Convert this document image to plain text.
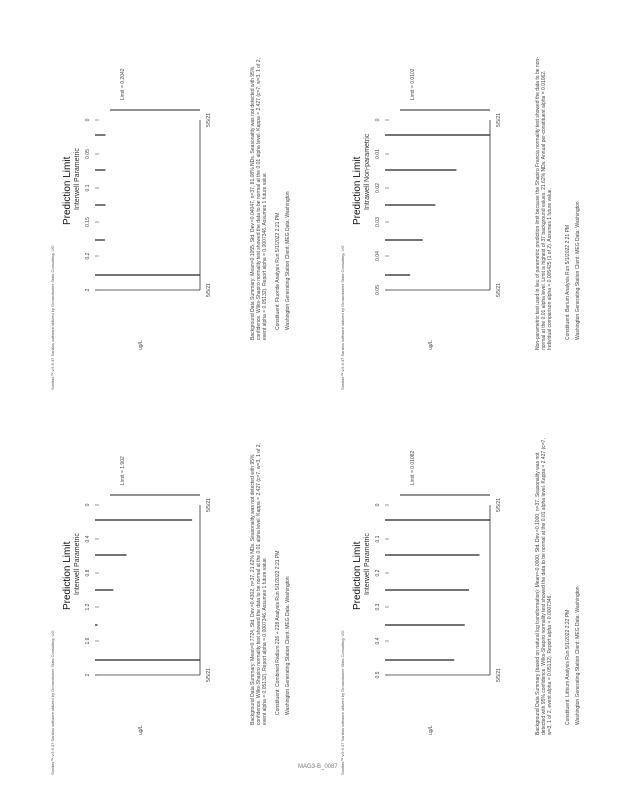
2
0.2
0.15
0.1
0.05
0
5/5/21
5/5/21
Interwell Parametric
Prediction Limit
Sanitas™ v.9.6.37 Sanitas software utilized by Groundwater Stats Consulting. UG
Limit = 0.2042
ug/L
Background Data Summary: Mean=0.1055, Std. Dev.=0.04047, n=37, 81.08% NDs. Seasonality was not detected with 95% confidence. Wilks-Shapiro normality test showed the data to be normal at the 0.01 alpha level. Kappa = 2.427 (c=7, w=3, 1 of 2, event alpha = 0.05132). Report alpha = 0.0007346. Assumes 1 future value. Constituent: Fluoride Analysis Run 5/1/2022 2:21 PM Washington Generating Station Client: MEG Data: Washington
2
1.6
1.2
0.8
0.4
0
5/5/21
5/5/21
Interwell Parametric
Prediction Limit
Sanitas™ v.9.6.37 Sanitas software utilized by Groundwater Stats Consulting. UG
Limit = 1.902
ug/L
Background Data Summary: Mean=0.7724, Std. Dev.=0.4302, n=37, 21.62% NDs. Seasonality was not detected with 95% confidence. Wilks-Shapiro normality test showed the data to be normal at the 0.01 alpha level. Kappa = 2.427 (c=7, w=3, 1 of 2, event alpha = 0.05132). Report alpha = 0.0007346. Assumes 1 future value. Constituent: Combined Radium 226 + 228 Analysis Run 5/1/2022 2:21 PM Washington Generating Station Client: MEG Data: Washington
0.05
0.04
0.03
0.02
0.01
0
5/5/21
5/5/21
Intrawell Non-parametric
Prediction Limit
Sanitas™ v.9.6.37 Sanitas software utilized by Groundwater Stats Consulting. UG
Limit = 0.0102
ug/L	Non-parametric test used in lieu of parametric prediction limit because the Shapiro Francia normality test showed the data to be non-normal at the 0.01 alpha level. Limit is highest of 37 background values. 21.62% NDs. Annual per-constituent alpha = 0.01062. Individual comparison alpha = 0.005425 (1 of 2). Assumes 1 future value. Constituent: Barium Analysis Run 5/1/2022 2:21 PM Washington Generating Station Client: MEG Data: Washington
0.5
0.4
0.3
0.2
0.1
0
5/5/21
5/5/21
Interwell Parametric
Prediction Limit
Sanitas™ v.9.6.37 Sanitas software utilized by Groundwater Stats Consulting. UG
Limit = 0.01082
ug/L	Background Data Summary (based on natural log transformation): Mean=-0.0000, Std. Dev.=0.1000, n=37. Seasonality was not detected with 95% confidence. Wilks-Shapiro normality test showed the data to be normal at the 0.01 alpha level. Kappa = 2.427 (c=7, w=3, 1 of 2, event alpha = 0.05132). Report alpha = 0.0007346. Constituent: Lithium Analysis Run 5/1/2022 2:22 PM Washington Generating Station Client: MEG Data: Washington
MAG3-B_0087
